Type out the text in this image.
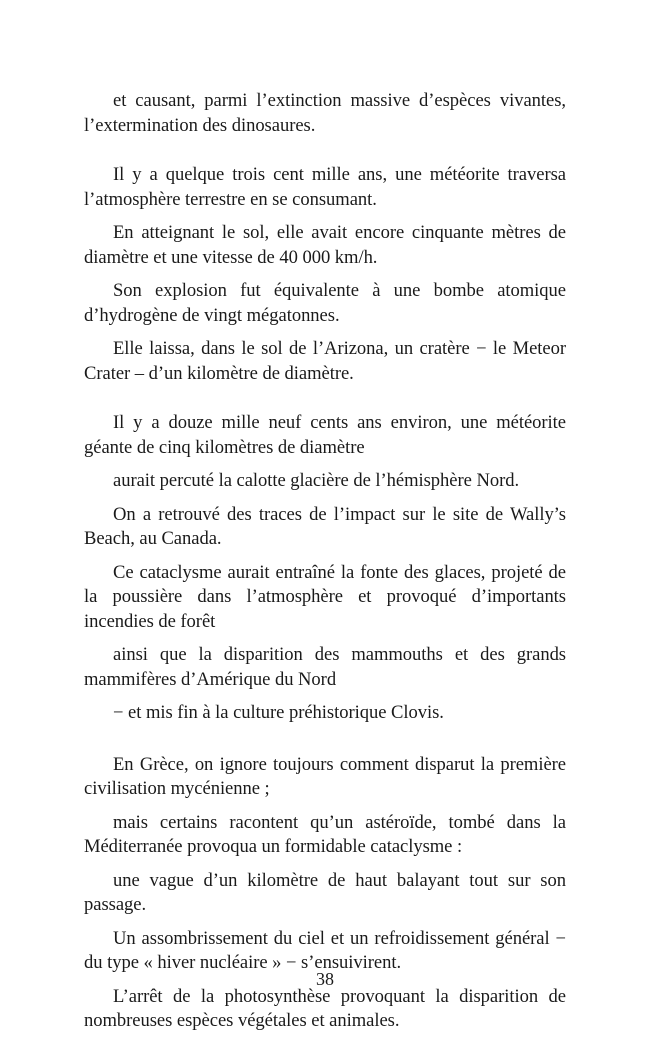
et causant, parmi l’extinction massive d’espèces vivantes, l’extermination des dinosaures.

Il y a quelque trois cent mille ans, une météorite traversa l’atmosphère terrestre en se consumant.

En atteignant le sol, elle avait encore cinquante mètres de diamètre et une vitesse de 40 000 km/h.

Son explosion fut équivalente à une bombe atomique d’hydrogène de vingt mégatonnes.

Elle laissa, dans le sol de l’Arizona, un cratère − le Meteor Crater – d’un kilomètre de diamètre.

Il y a douze mille neuf cents ans environ, une météorite géante de cinq kilomètres de diamètre

aurait percuté la calotte glacière de l’hémisphère Nord.

On a retrouvé des traces de l’impact sur le site de Wally’s Beach, au Canada.

Ce cataclysme aurait entraîné la fonte des glaces, projeté de la poussière dans l’atmosphère et provoqué d’importants incendies de forêt

ainsi que la disparition des mammouths et des grands mammifères d’Amérique du Nord

− et mis fin à la culture préhistorique Clovis.

En Grèce, on ignore toujours comment disparut la première civilisation mycénienne ;

mais certains racontent qu’un astéroïde, tombé dans la Méditerranée provoqua un formidable cataclysme :

une vague d’un kilomètre de haut balayant tout sur son passage.

Un assombrissement du ciel et un refroidissement général − du type « hiver nucléaire » − s’ensuivirent.

L’arrêt de la photosynthèse provoquant la disparition de nombreuses espèces végétales et animales.

38
